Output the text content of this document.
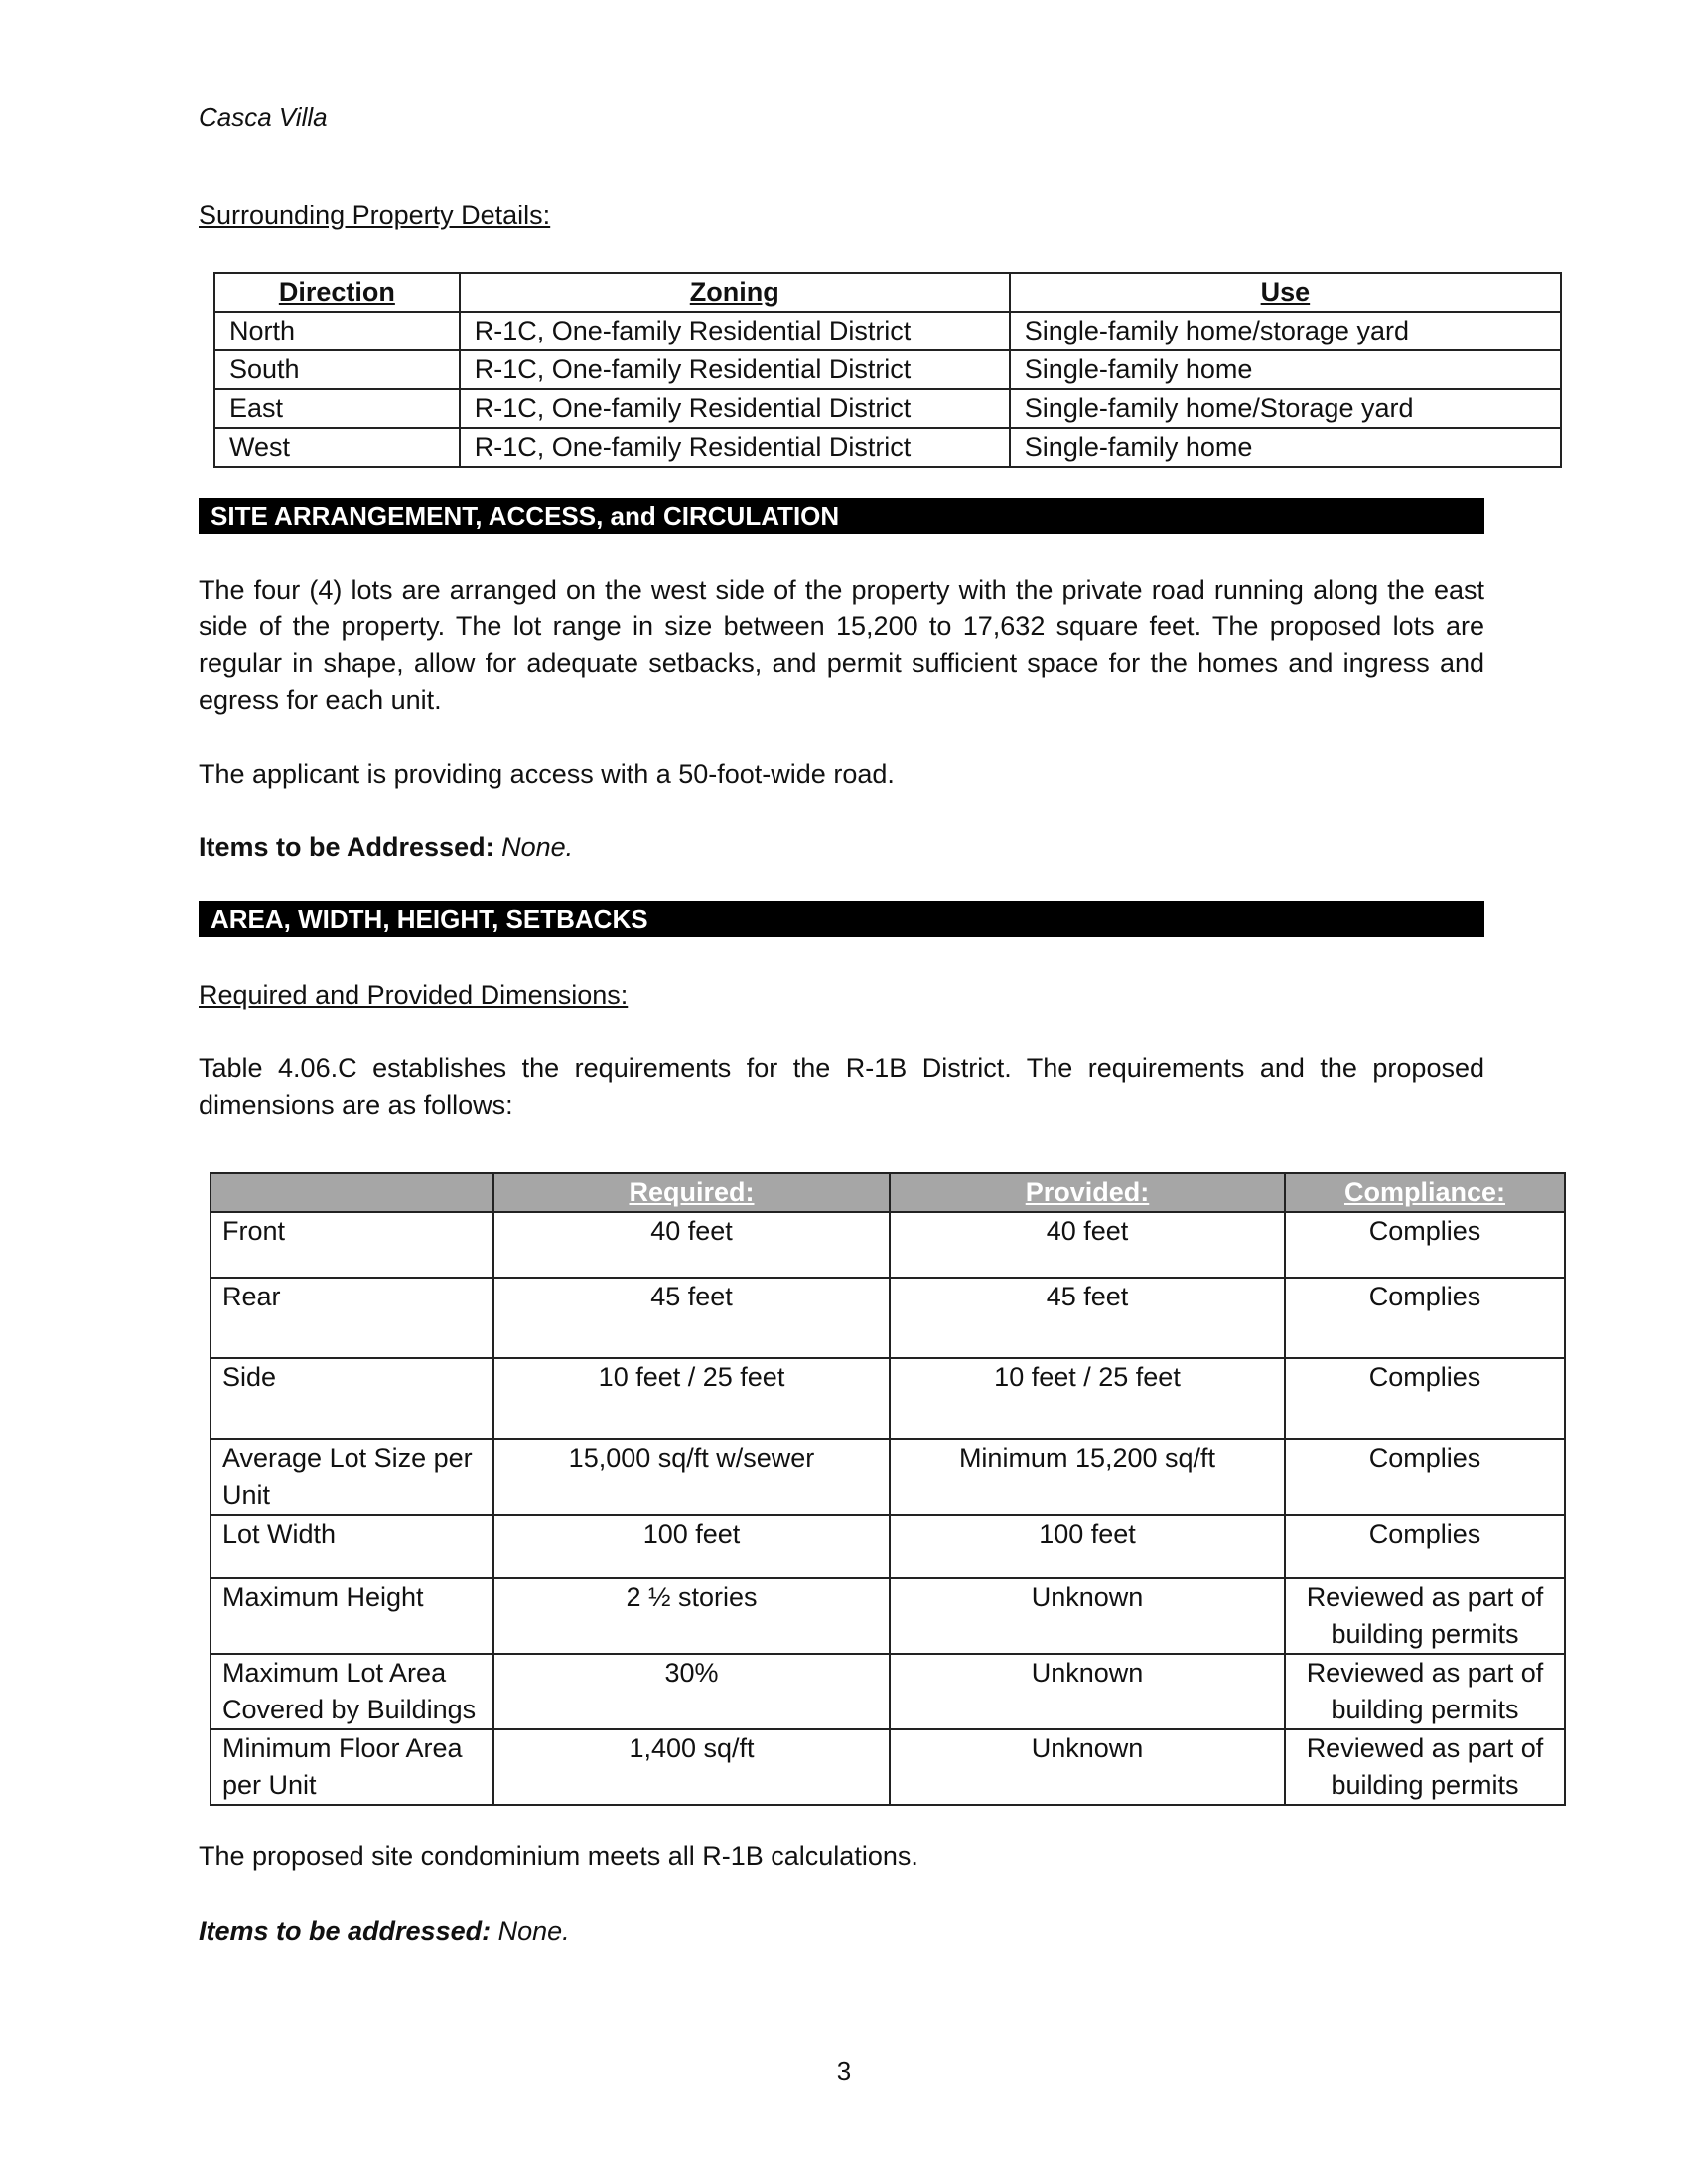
Casca Villa
Surrounding Property Details:
Direction	Zoning	Use
North	R-1C, One-family Residential District	Single-family home/storage yard
South	R-1C, One-family Residential District	Single-family home
East	R-1C, One-family Residential District	Single-family home/Storage yard
West	R-1C, One-family Residential District	Single-family home
SITE ARRANGEMENT, ACCESS, and CIRCULATION
The four (4) lots are arranged on the west side of the property with the private road running along the east side of the property. The lot range in size between 15,200 to 17,632 square feet. The proposed lots are regular in shape, allow for adequate setbacks, and permit sufficient space for the homes and ingress and egress for each unit.
The applicant is providing access with a 50-foot-wide road.
Items to be Addressed: None.
AREA, WIDTH, HEIGHT, SETBACKS
Required and Provided Dimensions:
Table 4.06.C establishes the requirements for the R-1B District. The requirements and the proposed dimensions are as follows:
	Required:	Provided:	Compliance:
Front	40 feet	40 feet	Complies
Rear	45 feet	45 feet	Complies
Side	10 feet / 25 feet	10 feet / 25 feet	Complies
Average Lot Size per Unit	15,000 sq/ft w/sewer	Minimum 15,200 sq/ft	Complies
Lot Width	100 feet	100 feet	Complies
Maximum Height	2 ½ stories	Unknown	Reviewed as part of building permits
Maximum Lot Area Covered by Buildings	30%	Unknown	Reviewed as part of building permits
Minimum Floor Area per Unit	1,400 sq/ft	Unknown	Reviewed as part of building permits
The proposed site condominium meets all R-1B calculations.
Items to be addressed: None.
3
